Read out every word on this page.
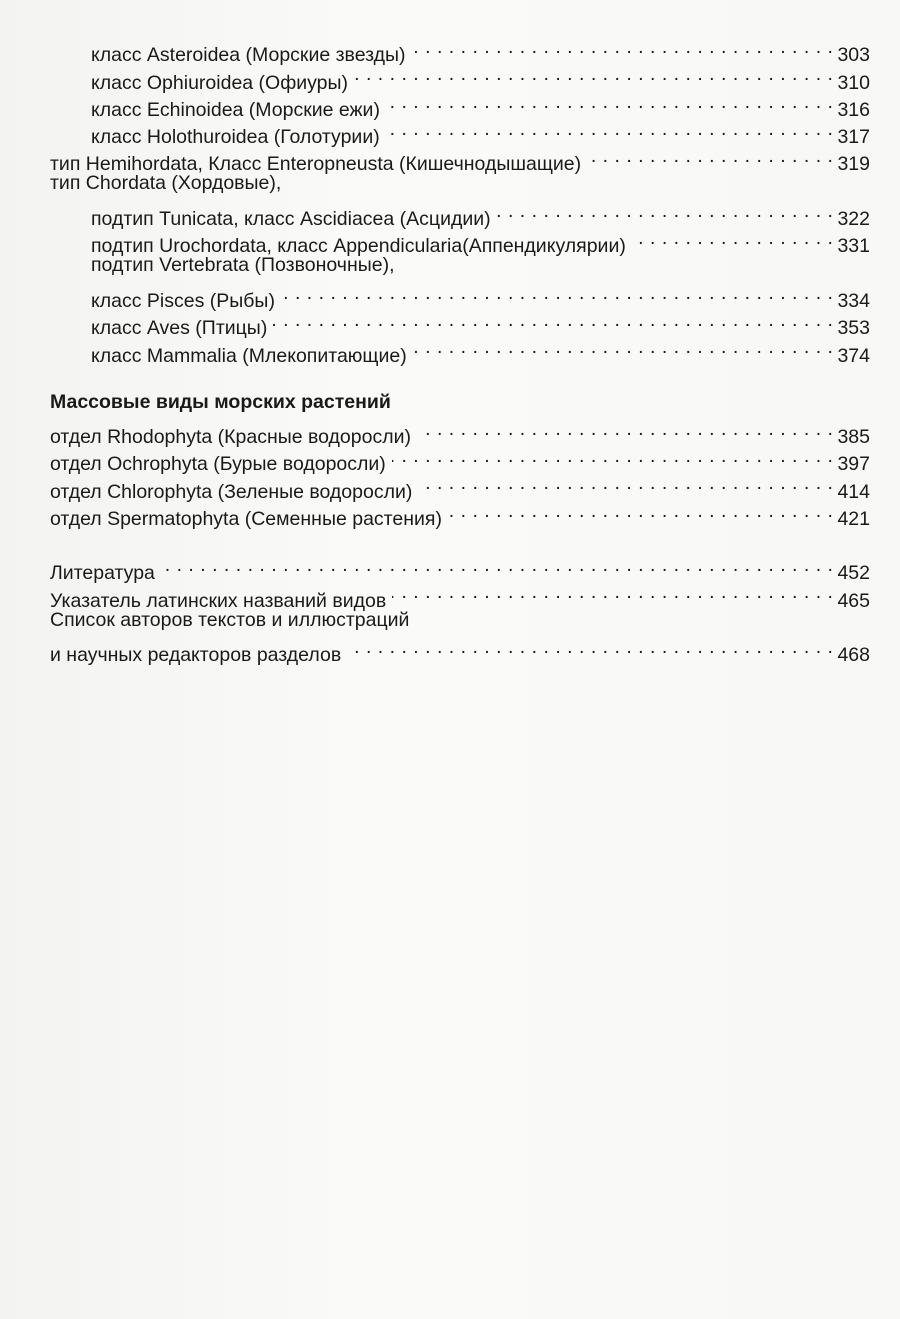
класс Asteroidea (Морские звезды) . . .	303
класс Ophiuroidea (Офиуры) . . .	310
класс Echinoidea (Морские ежи) . . .	316
класс Holothuroidea (Голотурии) . . .	317
тип Hemihordata, Класс Enteropneusta (Кишечнодышащие) . . .	319
тип Chordata (Хордовые),
подтип Tunicata, класс Ascidiacea (Асцидии) . . .	322
подтип Urochordata, класс Appendicularia(Аппендикулярии) . . .	331
подтип Vertebrata (Позвоночные),
класс Pisces (Рыбы) . . .	334
класс Aves (Птицы) . . .	353
класс Mammalia (Млекопитающие) . . .	374
Массовые виды морских растений
отдел Rhodophyta (Красные водоросли) . . .	385
отдел Ochrophyta (Бурые водоросли) . . .	397
отдел Chlorophyta (Зеленые водоросли) . . .	414
отдел Spermatophyta (Семенные растения) . . .	421
Литература . . .	452
Указатель латинских названий видов . . .	465
Список авторов текстов и иллюстраций
и научных редакторов разделов . . .	468
